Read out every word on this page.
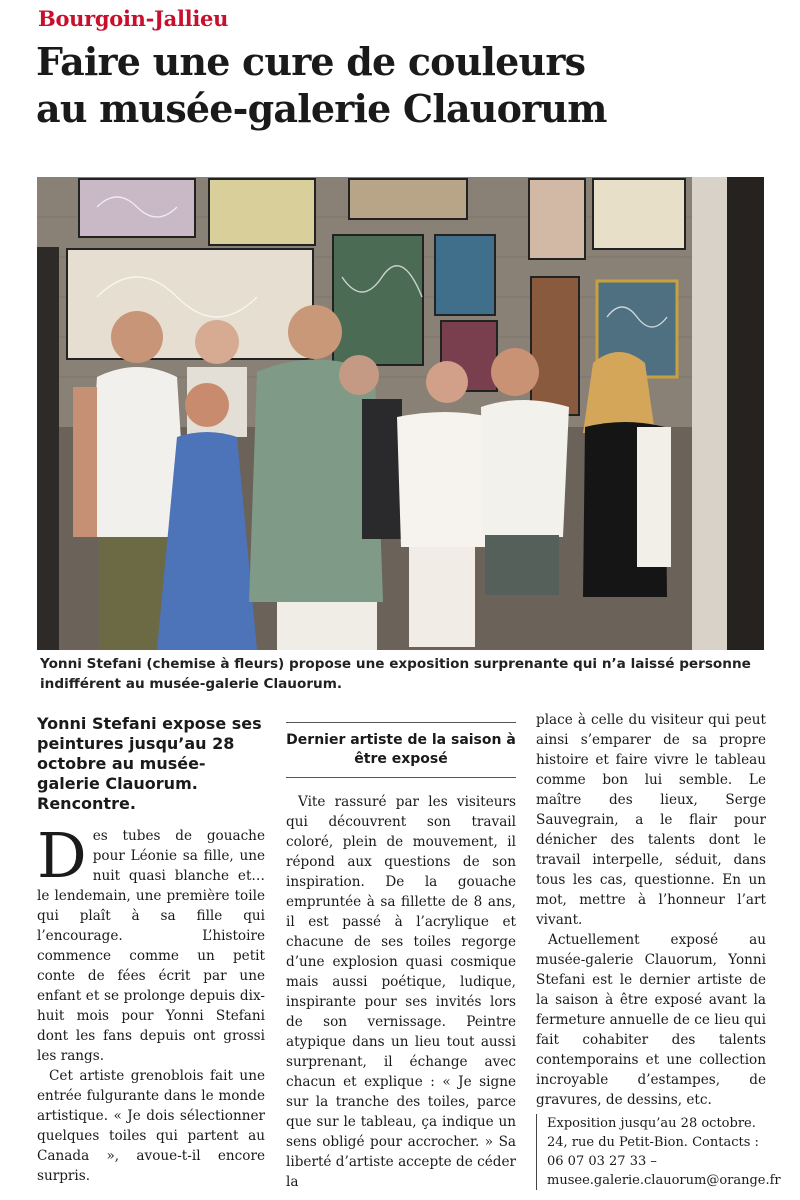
Bourgoin-Jallieu
Faire une cure de couleurs
au musée-galerie Clauorum
Yonni Stefani (chemise à fleurs) propose une exposition surprenante qui n’a laissé personne indifférent au musée-galerie Clauorum.

Yonni Stefani expose ses peintures jusqu’au 28 octobre au musée-galerie Clauorum. Rencontre.

Des tubes de gouache pour Léonie sa fille, une nuit quasi blanche et… le lendemain, une première toile qui plaît à sa fille qui l’encourage. L’histoire commence comme un petit conte de fées écrit par une enfant et se prolonge depuis dix-huit mois pour Yonni Stefani dont les fans depuis ont grossi les rangs.

Cet artiste grenoblois fait une entrée fulgurante dans le monde artistique. « Je dois sélectionner quelques toiles qui partent au Canada », avoue-t-il encore surpris.

Dernier artiste de la saison à être exposé

Vite rassuré par les visiteurs qui découvrent son travail coloré, plein de mouvement, il répond aux questions de son inspiration. De la gouache empruntée à sa fillette de 8 ans, il est passé à l’acrylique et chacune de ses toiles regorge d’une explosion quasi cosmique mais aussi poétique, ludique, inspirante pour ses invités lors de son vernissage. Peintre atypique dans un lieu tout aussi surprenant, il échange avec chacun et explique : « Je signe sur la tranche des toiles, parce que sur le tableau, ça indique un sens obligé pour accrocher. » Sa liberté d’artiste accepte de céder la

place à celle du visiteur qui peut ainsi s’emparer de sa propre histoire et faire vivre le tableau comme bon lui semble. Le maître des lieux, Serge Sauvegrain, a le flair pour dénicher des talents dont le travail interpelle, séduit, dans tous les cas, questionne. En un mot, mettre à l’honneur l’art vivant.

Actuellement exposé au musée-galerie Clauorum, Yonni Stefani est le dernier artiste de la saison à être exposé avant la fermeture annuelle de ce lieu qui fait cohabiter des talents contemporains et une collection incroyable d’estampes, de gravures, de dessins, etc.

Exposition jusqu’au 28 octobre. 24, rue du Petit-Bion. Contacts : 06 07 03 27 33 – musee.galerie.clauorum@orange.fr
